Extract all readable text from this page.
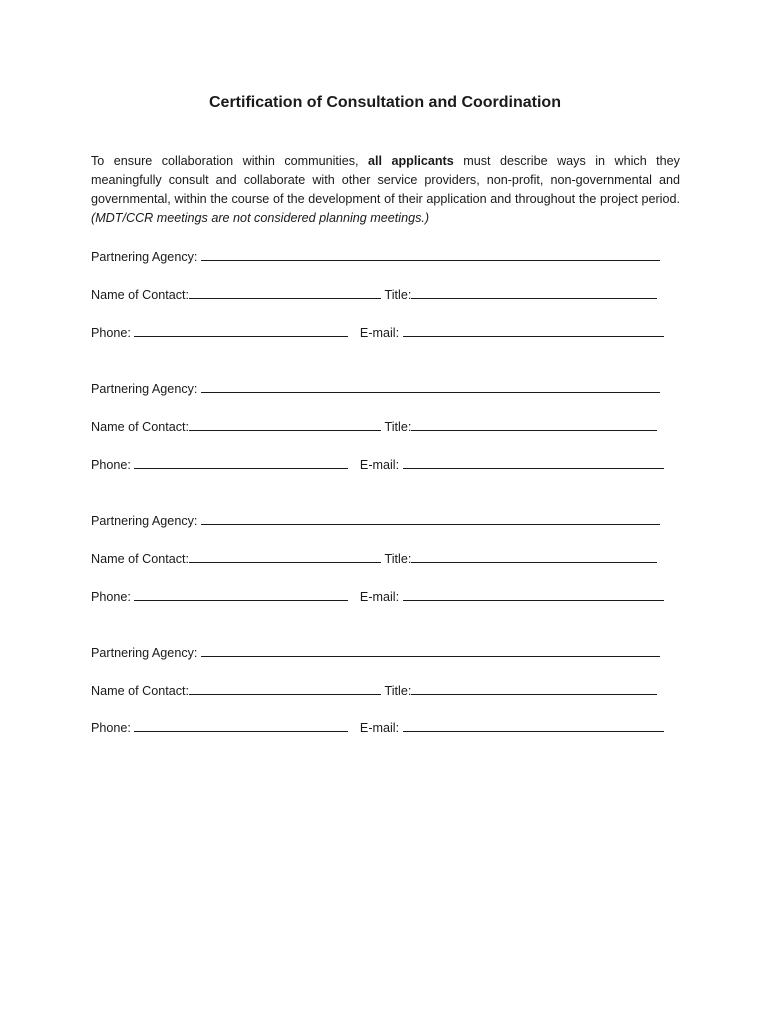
Certification of Consultation and Coordination
To ensure collaboration within communities, all applicants must describe ways in which they meaningfully consult and collaborate with other service providers, non-profit, non-governmental and governmental, within the course of the development of their application and throughout the project period. (MDT/CCR meetings are not considered planning meetings.)
Partnering Agency:
Name of Contact:	Title:
Phone:	E-mail:
Partnering Agency:
Name of Contact:	Title:
Phone:	E-mail:
Partnering Agency:
Name of Contact:	Title:
Phone:	E-mail:
Partnering Agency:
Name of Contact:	Title:
Phone:	E-mail:
